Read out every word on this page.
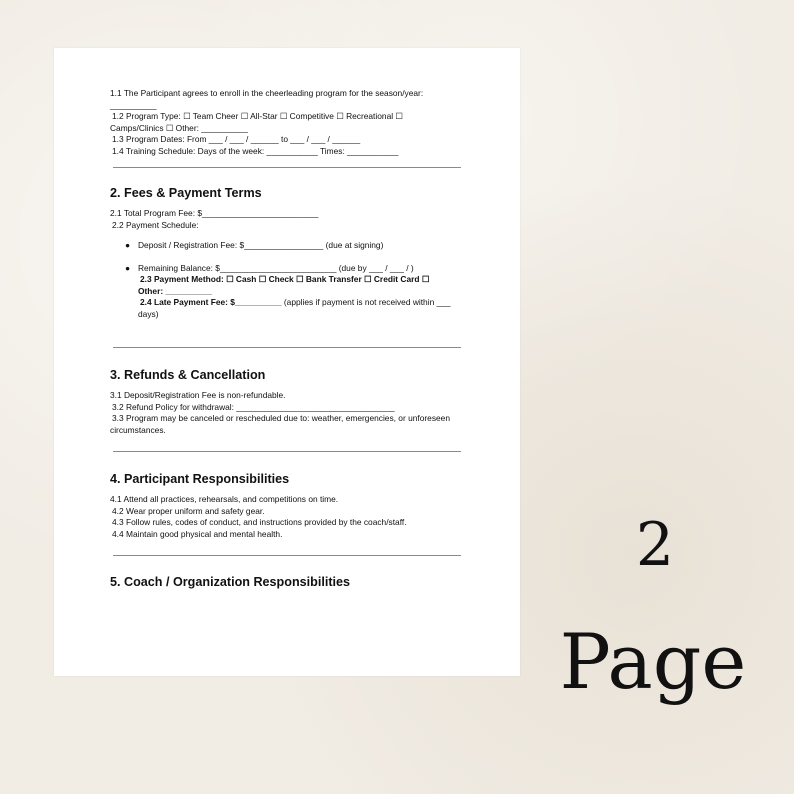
1.1 The Participant agrees to enroll in the cheerleading program for the season/year:
__________
1.2 Program Type: ☐ Team Cheer ☐ All-Star ☐ Competitive ☐ Recreational ☐
Camps/Clinics ☐ Other: __________
1.3 Program Dates: From ___ / ___ / ______ to ___ / ___ / ______
1.4 Training Schedule: Days of the week: ___________ Times: ___________
2. Fees & Payment Terms
2.1 Total Program Fee: $_________________________
2.2 Payment Schedule:
● Deposit / Registration Fee: $_________________ (due at signing)
● Remaining Balance: $_________________________ (due by ___ / ___ / )
2.3 Payment Method: ☐ Cash ☐ Check ☐ Bank Transfer ☐ Credit Card ☐
Other: __________
2.4 Late Payment Fee: $__________ (applies if payment is not received within ___
days)
3. Refunds & Cancellation
3.1 Deposit/Registration Fee is non-refundable.
3.2 Refund Policy for withdrawal: __________________________________
3.3 Program may be canceled or rescheduled due to: weather, emergencies, or unforeseen
circumstances.
4. Participant Responsibilities
4.1 Attend all practices, rehearsals, and competitions on time.
4.2 Wear proper uniform and safety gear.
4.3 Follow rules, codes of conduct, and instructions provided by the coach/staff.
4.4 Maintain good physical and mental health.
5. Coach / Organization Responsibilities
2
Page
